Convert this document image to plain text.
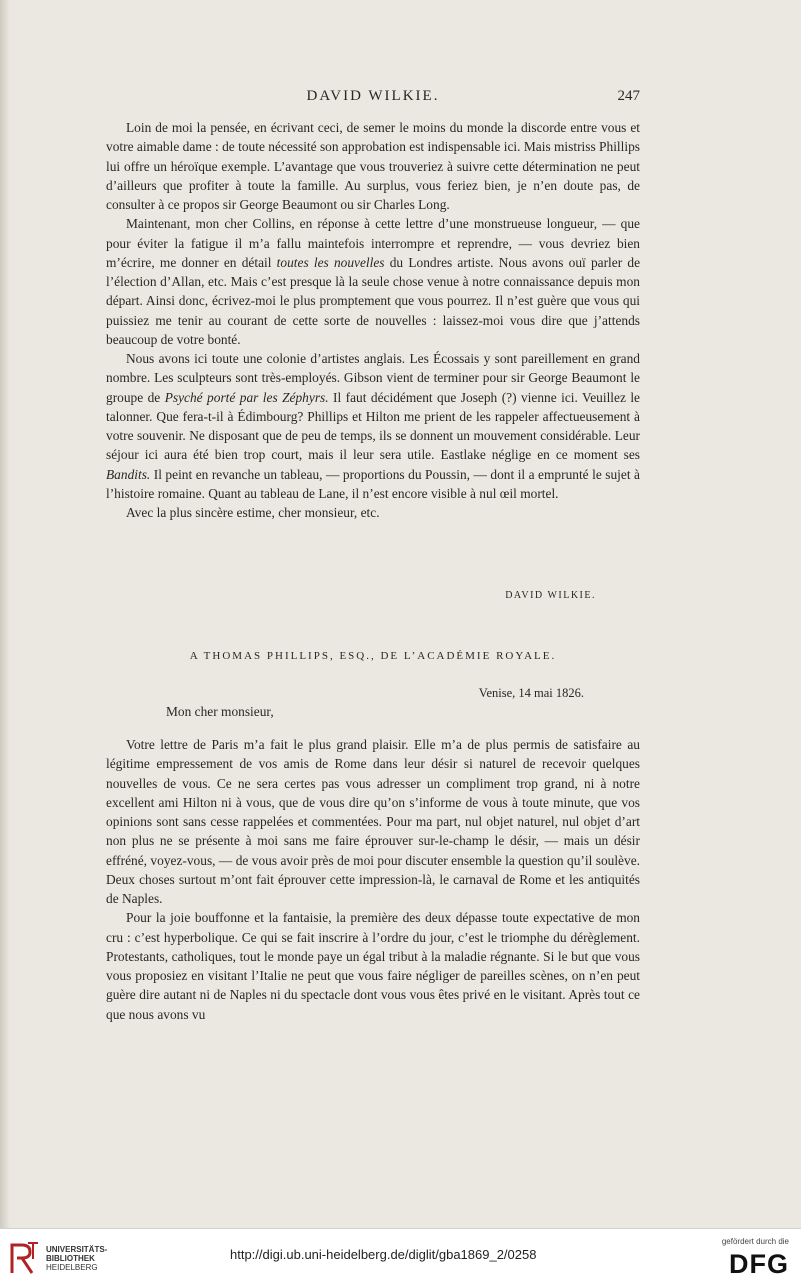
DAVID WILKIE.	247

Loin de moi la pensée, en écrivant ceci, de semer le moins du monde la discorde entre vous et votre aimable dame : de toute nécessité son approbation est indispensable ici. Mais mistriss Phillips lui offre un héroïque exemple. L’avantage que vous trouveriez à suivre cette détermination ne peut d’ailleurs que profiter à toute la famille. Au surplus, vous feriez bien, je n’en doute pas, de consulter à ce propos sir George Beaumont ou sir Charles Long.

Maintenant, mon cher Collins, en réponse à cette lettre d’une monstrueuse longueur, — que pour éviter la fatigue il m’a fallu maintefois interrompre et reprendre, — vous devriez bien m’écrire, me donner en détail toutes les nouvelles du Londres artiste. Nous avons ouï parler de l’élection d’Allan, etc. Mais c’est presque là la seule chose venue à notre connaissance depuis mon départ. Ainsi donc, écrivez-moi le plus promptement que vous pourrez. Il n’est guère que vous qui puissiez me tenir au courant de cette sorte de nouvelles : laissez-moi vous dire que j’attends beaucoup de votre bonté.

Nous avons ici toute une colonie d’artistes anglais. Les Écossais y sont pareillement en grand nombre. Les sculpteurs sont très-employés. Gibson vient de terminer pour sir George Beaumont le groupe de Psyché porté par les Zéphyrs. Il faut décidément que Joseph (?) vienne ici. Veuillez le talonner. Que fera-t-il à Édimbourg? Phillips et Hilton me prient de les rappeler affectueusement à votre souvenir. Ne disposant que de peu de temps, ils se donnent un mouvement considérable. Leur séjour ici aura été bien trop court, mais il leur sera utile. Eastlake néglige en ce moment ses Bandits. Il peint en revanche un tableau, — proportions du Poussin, — dont il a emprunté le sujet à l’histoire romaine. Quant au tableau de Lane, il n’est encore visible à nul œil mortel.

Avec la plus sincère estime, cher monsieur, etc.

DAVID WILKIE.
A THOMAS PHILLIPS, ESQ., DE L’ACADÉMIE ROYALE.
Venise, 14 mai 1826.
Mon cher monsieur,

Votre lettre de Paris m’a fait le plus grand plaisir. Elle m’a de plus permis de satisfaire au légitime empressement de vos amis de Rome dans leur désir si naturel de recevoir quelques nouvelles de vous. Ce ne sera certes pas vous adresser un compliment trop grand, ni à notre excellent ami Hilton ni à vous, que de vous dire qu’on s’informe de vous à toute minute, que vos opinions sont sans cesse rappelées et commentées. Pour ma part, nul objet naturel, nul objet d’art non plus ne se présente à moi sans me faire éprouver sur-le-champ le désir, — mais un désir effréné, voyez-vous, — de vous avoir près de moi pour discuter ensemble la question qu’il soulève. Deux choses surtout m’ont fait éprouver cette impression-là, le carnaval de Rome et les antiquités de Naples.

Pour la joie bouffonne et la fantaisie, la première des deux dépasse toute expectative de mon cru : c’est hyperbolique. Ce qui se fait inscrire à l’ordre du jour, c’est le triomphe du dérèglement. Protestants, catholiques, tout le monde paye un égal tribut à la maladie régnante. Si le but que vous vous proposiez en visitant l’Italie ne peut que vous faire négliger de pareilles scènes, on n’en peut guère dire autant ni de Naples ni du spectacle dont vous vous êtes privé en le visitant. Après tout ce que nous avons vu

UNIVERSITÄTS-
BIBLIOTHEK
HEIDELBERG
http://digi.ub.uni-heidelberg.de/diglit/gba1869_2/0258
gefördert durch die
DFG
